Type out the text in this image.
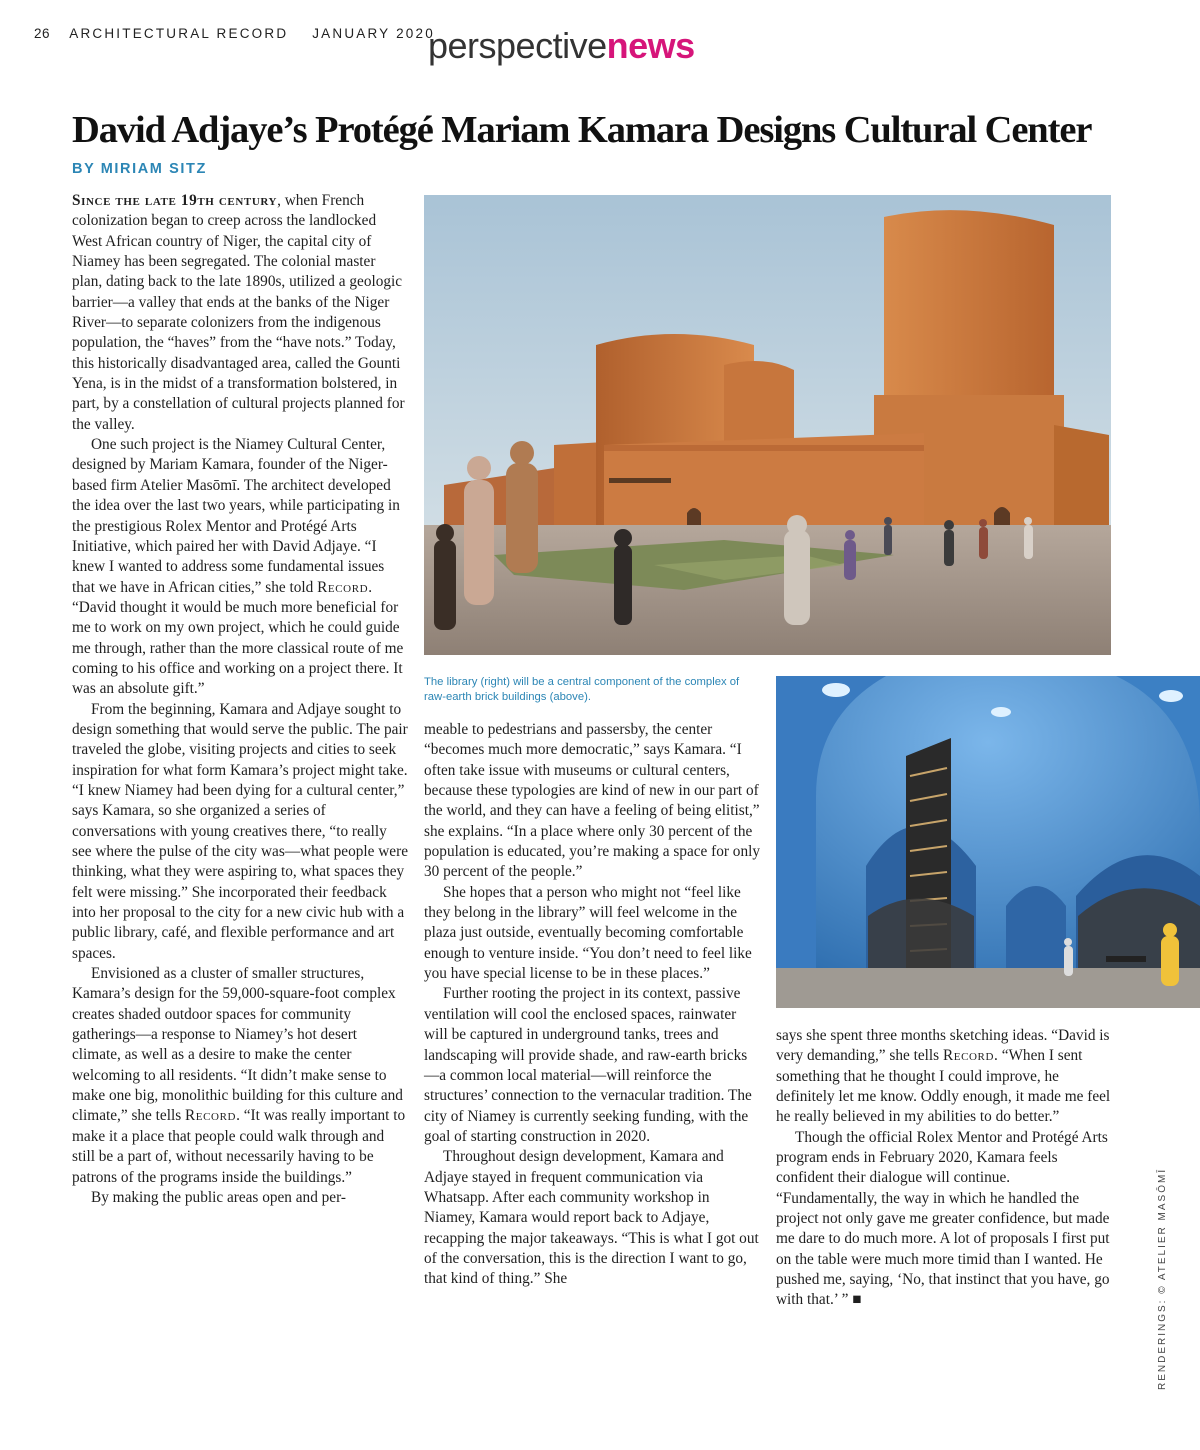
26 ARCHITECTURAL RECORD JANUARY 2020
perspectivenews
David Adjaye’s Protégé Mariam Kamara Designs Cultural Center
BY MIRIAM SITZ

Since the late 19th century, when French colonization began to creep across the landlocked West African country of Niger, the capital city of Niamey has been segregated. The colonial master plan, dating back to the late 1890s, utilized a geologic barrier—a valley that ends at the banks of the Niger River—to separate colonizers from the indigenous population, the “haves” from the “have nots.” Today, this historically disadvantaged area, called the Gounti Yena, is in the midst of a transformation bolstered, in part, by a constellation of cultural projects planned for the valley.

One such project is the Niamey Cultural Center, designed by Mariam Kamara, founder of the Niger-based firm Atelier Masōmī. The architect developed the idea over the last two years, while participating in the prestigious Rolex Mentor and Protégé Arts Initiative, which paired her with David Adjaye. “I knew I wanted to address some fundamental issues that we have in African cities,” she told Record. “David thought it would be much more beneficial for me to work on my own project, which he could guide me through, rather than the more classical route of me coming to his office and working on a project there. It was an absolute gift.”

From the beginning, Kamara and Adjaye sought to design something that would serve the public. The pair traveled the globe, visiting projects and cities to seek inspiration for what form Kamara’s project might take. “I knew Niamey had been dying for a cultural center,” says Kamara, so she organized a series of conversations with young creatives there, “to really see where the pulse of the city was—what people were thinking, what they were aspiring to, what spaces they felt were missing.” She incorporated their feedback into her proposal to the city for a new civic hub with a public library, café, and flexible performance and art spaces.

Envisioned as a cluster of smaller structures, Kamara’s design for the 59,000-square-foot complex creates shaded outdoor spaces for community gatherings—a response to Niamey’s hot desert climate, as well as a desire to make the center welcoming to all residents. “It didn’t make sense to make one big, monolithic building for this culture and climate,” she tells Record. “It was really important to make it a place that people could walk through and still be a part of, without necessarily having to be patrons of the programs inside the buildings.”

By making the public areas open and per-

The library (right) will be a central component of the complex of raw-earth brick buildings (above).

meable to pedestrians and passersby, the center “becomes much more democratic,” says Kamara. “I often take issue with museums or cultural centers, because these typologies are kind of new in our part of the world, and they can have a feeling of being elitist,” she explains. “In a place where only 30 percent of the population is educated, you’re making a space for only 30 percent of the people.”

She hopes that a person who might not “feel like they belong in the library” will feel welcome in the plaza just outside, eventually becoming comfortable enough to venture inside. “You don’t need to feel like you have special license to be in these places.”

Further rooting the project in its context, passive ventilation will cool the enclosed spaces, rainwater will be captured in underground tanks, trees and landscaping will provide shade, and raw-earth bricks—a common local material—will reinforce the structures’ connection to the vernacular tradition. The city of Niamey is currently seeking funding, with the goal of starting construction in 2020.

Throughout design development, Kamara and Adjaye stayed in frequent communication via Whatsapp. After each community workshop in Niamey, Kamara would report back to Adjaye, recapping the major takeaways. “This is what I got out of the conversation, this is the direction I want to go, that kind of thing.” She

says she spent three months sketching ideas. “David is very demanding,” she tells Record. “When I sent something that he thought I could improve, he definitely let me know. Oddly enough, it made me feel he really believed in my abilities to do better.”

Though the official Rolex Mentor and Protégé Arts program ends in February 2020, Kamara feels confident their dialogue will continue. “Fundamentally, the way in which he handled the project not only gave me greater confidence, but made me dare to do much more. A lot of proposals I first put on the table were much more timid than I wanted. He pushed me, saying, ‘No, that instinct that you have, go with that.’ ” ■	RENDERINGS: © ATELIER MASŌMĪ
